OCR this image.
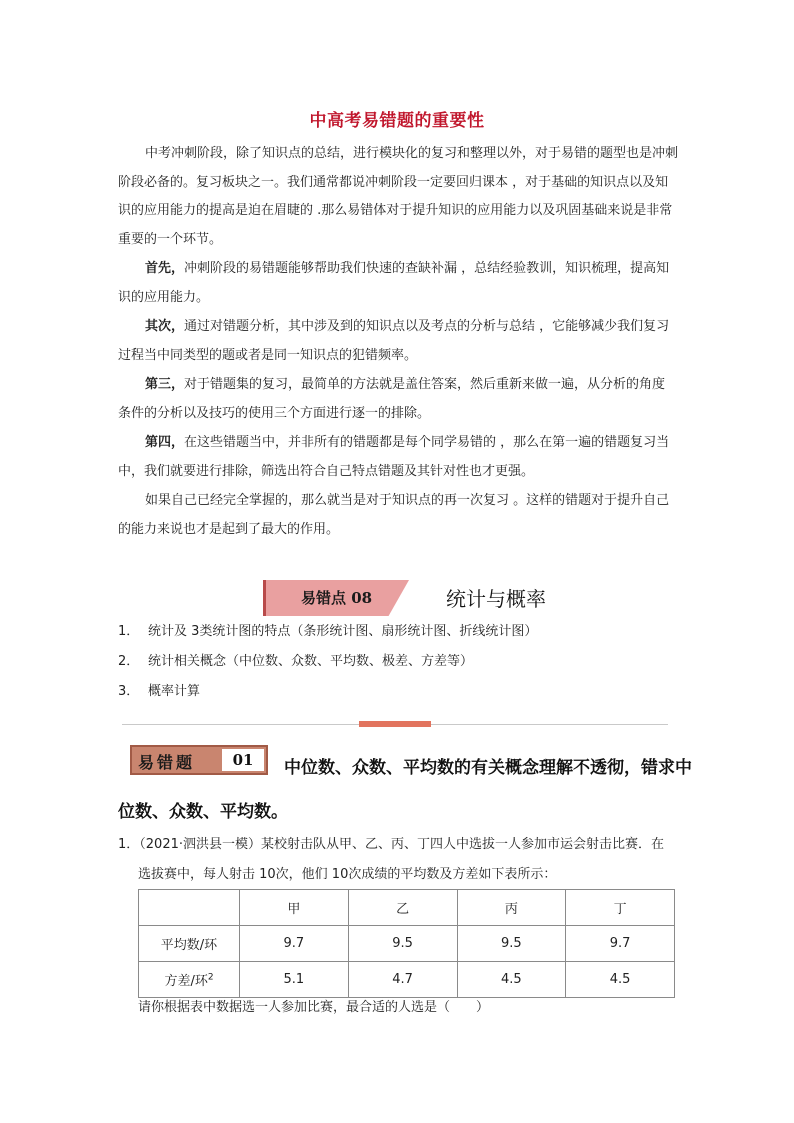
中高考易错题的重要性
中考冲刺阶段，除了知识点的总结，进行模块化的复习和整理以外，对于易错的题型也是冲刺阶段必备的。复习板块之一。我们通常都说冲刺阶段一定要回归课本 ，对于基础的知识点以及知识的应用能力的提高是迫在眉睫的 .那么易错体对于提升知识的应用能力以及巩固基础来说是非常重要的一个环节。
首先，冲刺阶段的易错题能够帮助我们快速的查缺补漏 ，总结经验教训，知识梳理，提高知识的应用能力。
其次，通过对错题分析，其中涉及到的知识点以及考点的分析与总结 ，它能够减少我们复习过程当中同类型的题或者是同一知识点的犯错频率。
第三，对于错题集的复习，最简单的方法就是盖住答案，然后重新来做一遍，从分析的角度条件的分析以及技巧的使用三个方面进行逐一的排除。
第四，在这些错题当中，并非所有的错题都是每个同学易错的 ，那么在第一遍的错题复习当中，我们就要进行排除，筛选出符合自己特点错题及其针对性也才更强。
如果自己已经完全掌握的，那么就当是对于知识点的再一次复习 。这样的错题对于提升自己的能力来说也才是起到了最大的作用。
易错点 08	统计与概率
1． 统计及 3类统计图的特点（条形统计图、扇形统计图、折线统计图）
2． 统计相关概念（中位数、众数、平均数、极差、方差等）
3． 概率计算
中位数、众数、平均数的有关概念理解不透彻，错求中位数、众数、平均数。
易错题	01
1．（2021·泗洪县一模）某校射击队从甲、乙、丙、丁四人中选拔一人参加市运会射击比赛．在
选拔赛中，每人射击 10次，他们 10次成绩的平均数及方差如下表所示：
	甲	乙	丙	丁
平均数/环	9.7	9.5	9.5	9.7
方差/环$^2$	5.1	4.7	4.5	4.5
请你根据表中数据选一人参加比赛，最合适的人选是（　　）
